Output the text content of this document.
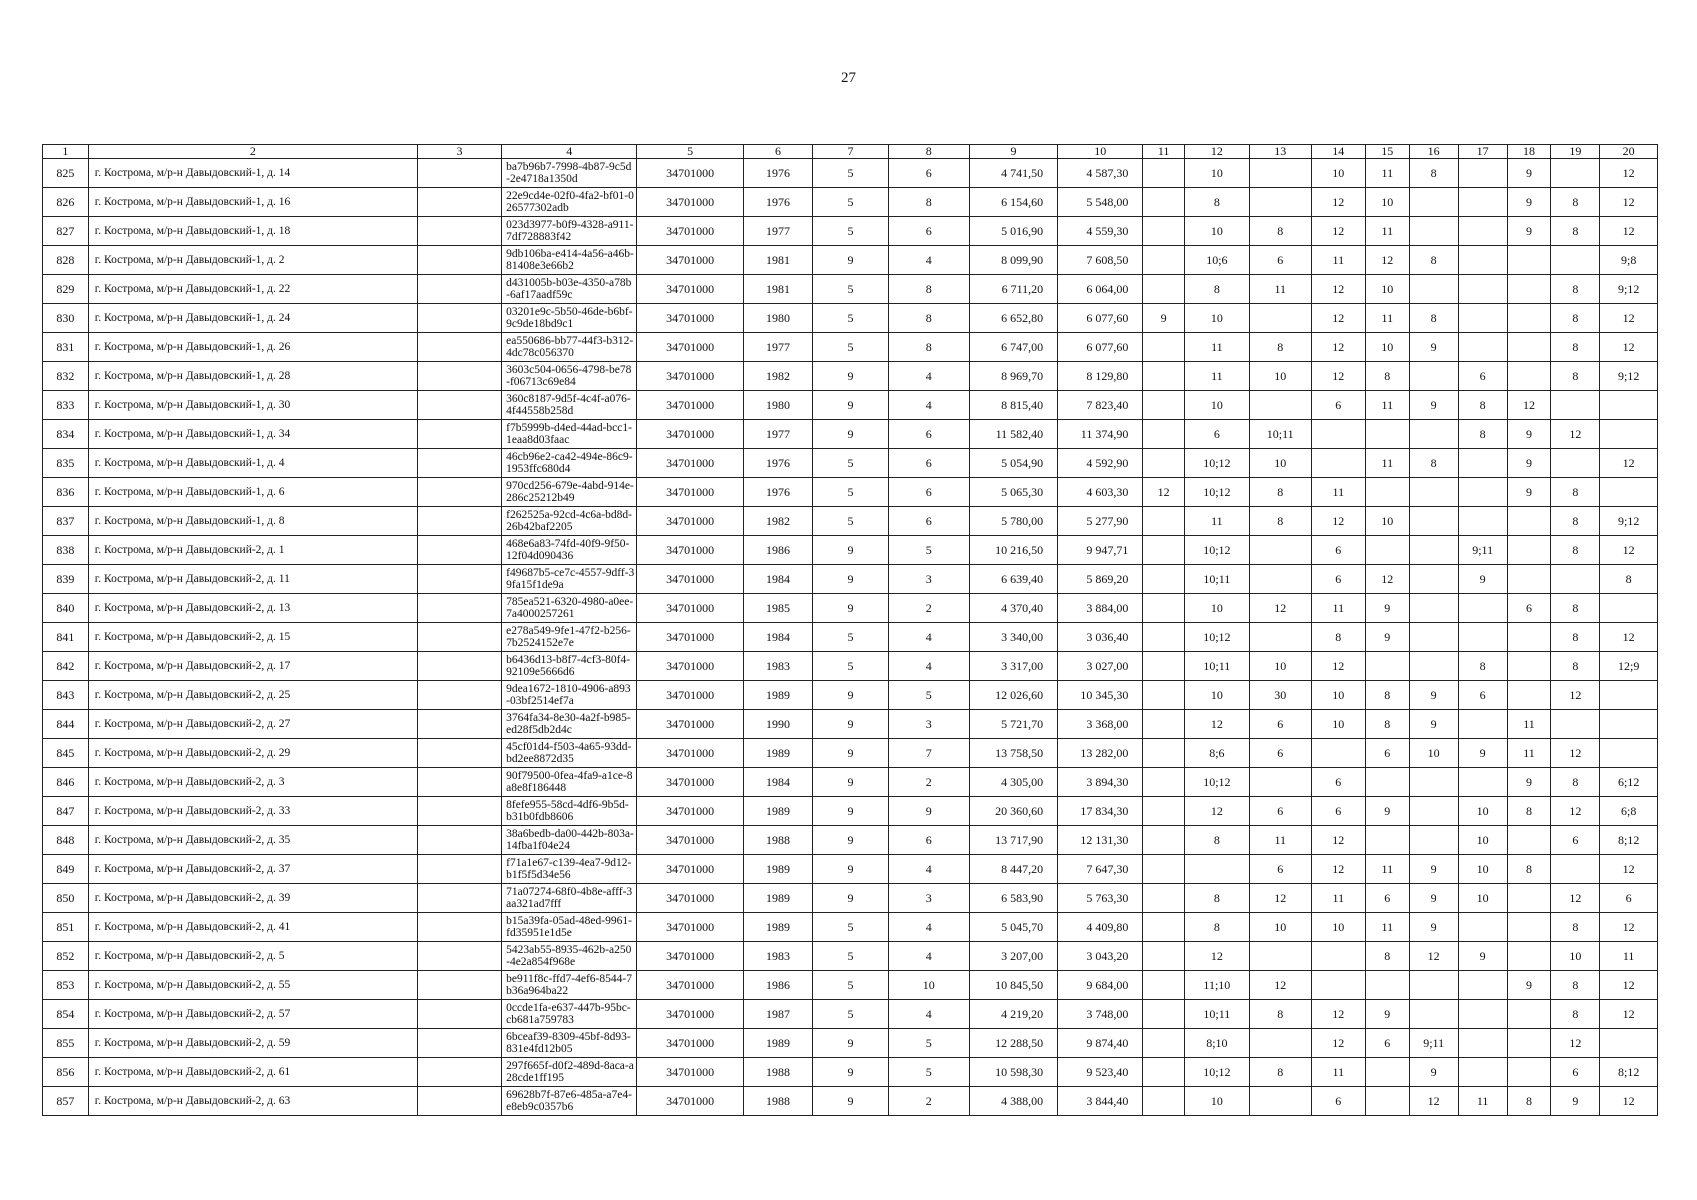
27
1	2	3	4	5	6	7	8	9	10	11	12	13	14	15	16	17	18	19	20
825	г. Кострома, м/р-н Давыдовский-1, д. 14		ba7b96b7-7998-4b87-9c5d-2e4718a1350d	34701000	1976	5	6	4 741,50	4 587,30		10		10	11	8		9		12
826	г. Кострома, м/р-н Давыдовский-1, д. 16		22e9cd4e-02f0-4fa2-bf01-026577302adb	34701000	1976	5	8	6 154,60	5 548,00		8		12	10			9	8	12
827	г. Кострома, м/р-н Давыдовский-1, д. 18		023d3977-b0f9-4328-a911-7df728883f42	34701000	1977	5	6	5 016,90	4 559,30		10	8	12	11			9	8	12
828	г. Кострома, м/р-н Давыдовский-1, д. 2		9db106ba-e414-4a56-a46b-81408e3e66b2	34701000	1981	9	4	8 099,90	7 608,50		10;6	6	11	12	8				9;8
829	г. Кострома, м/р-н Давыдовский-1, д. 22		d431005b-b03e-4350-a78b-6af17aadf59c	34701000	1981	5	8	6 711,20	6 064,00		8	11	12	10				8	9;12
830	г. Кострома, м/р-н Давыдовский-1, д. 24		03201e9c-5b50-46de-b6bf-9c9de18bd9c1	34701000	1980	5	8	6 652,80	6 077,60	9	10		12	11	8			8	12
831	г. Кострома, м/р-н Давыдовский-1, д. 26		ea550686-bb77-44f3-b312-4dc78c056370	34701000	1977	5	8	6 747,00	6 077,60		11	8	12	10	9			8	12
832	г. Кострома, м/р-н Давыдовский-1, д. 28		3603c504-0656-4798-be78-f06713c69e84	34701000	1982	9	4	8 969,70	8 129,80		11	10	12	8		6		8	9;12
833	г. Кострома, м/р-н Давыдовский-1, д. 30		360c8187-9d5f-4c4f-a076-4f44558b258d	34701000	1980	9	4	8 815,40	7 823,40		10		6	11	9	8	12		
834	г. Кострома, м/р-н Давыдовский-1, д. 34		f7b5999b-d4ed-44ad-bcc1-1eaa8d03faac	34701000	1977	9	6	11 582,40	11 374,90		6	10;11				8	9	12	
835	г. Кострома, м/р-н Давыдовский-1, д. 4		46cb96e2-ca42-494e-86c9-1953ffc680d4	34701000	1976	5	6	5 054,90	4 592,90		10;12	10		11	8		9		12
836	г. Кострома, м/р-н Давыдовский-1, д. 6		970cd256-679e-4abd-914e-286c25212b49	34701000	1976	5	6	5 065,30	4 603,30	12	10;12	8	11				9	8	
837	г. Кострома, м/р-н Давыдовский-1, д. 8		f262525a-92cd-4c6a-bd8d-26b42baf2205	34701000	1982	5	6	5 780,00	5 277,90		11	8	12	10				8	9;12
838	г. Кострома, м/р-н Давыдовский-2, д. 1		468e6a83-74fd-40f9-9f50-12f04d090436	34701000	1986	9	5	10 216,50	9 947,71		10;12		6			9;11		8	12
839	г. Кострома, м/р-н Давыдовский-2, д. 11		f49687b5-ce7c-4557-9dff-39fa15f1de9a	34701000	1984	9	3	6 639,40	5 869,20		10;11		6	12		9			8
840	г. Кострома, м/р-н Давыдовский-2, д. 13		785ea521-6320-4980-a0ee-7a4000257261	34701000	1985	9	2	4 370,40	3 884,00		10	12	11	9			6	8	
841	г. Кострома, м/р-н Давыдовский-2, д. 15		e278a549-9fe1-47f2-b256-7b2524152e7e	34701000	1984	5	4	3 340,00	3 036,40		10;12		8	9				8	12
842	г. Кострома, м/р-н Давыдовский-2, д. 17		b6436d13-b8f7-4cf3-80f4-92109e5666d6	34701000	1983	5	4	3 317,00	3 027,00		10;11	10	12			8		8	12;9
843	г. Кострома, м/р-н Давыдовский-2, д. 25		9dea1672-1810-4906-a893-03bf2514ef7a	34701000	1989	9	5	12 026,60	10 345,30		10	30	10	8	9	6		12	
844	г. Кострома, м/р-н Давыдовский-2, д. 27		3764fa34-8e30-4a2f-b985-ed28f5db2d4c	34701000	1990	9	3	5 721,70	3 368,00		12	6	10	8	9		11		
845	г. Кострома, м/р-н Давыдовский-2, д. 29		45cf01d4-f503-4a65-93dd-bd2ee8872d35	34701000	1989	9	7	13 758,50	13 282,00		8;6	6		6	10	9	11	12	
846	г. Кострома, м/р-н Давыдовский-2, д. 3		90f79500-0fea-4fa9-a1ce-8a8e8f186448	34701000	1984	9	2	4 305,00	3 894,30		10;12		6				9	8	6;12
847	г. Кострома, м/р-н Давыдовский-2, д. 33		8fefe955-58cd-4df6-9b5d-b31b0fdb8606	34701000	1989	9	9	20 360,60	17 834,30		12	6	6	9		10	8	12	6;8
848	г. Кострома, м/р-н Давыдовский-2, д. 35		38a6bedb-da00-442b-803a-14fba1f04e24	34701000	1988	9	6	13 717,90	12 131,30		8	11	12			10		6	8;12
849	г. Кострома, м/р-н Давыдовский-2, д. 37		f71a1e67-c139-4ea7-9d12-b1f5f5d34e56	34701000	1989	9	4	8 447,20	7 647,30			6	12	11	9	10	8		12
850	г. Кострома, м/р-н Давыдовский-2, д. 39		71a07274-68f0-4b8e-afff-3aa321ad7fff	34701000	1989	9	3	6 583,90	5 763,30		8	12	11	6	9	10		12	6
851	г. Кострома, м/р-н Давыдовский-2, д. 41		b15a39fa-05ad-48ed-9961-fd35951e1d5e	34701000	1989	5	4	5 045,70	4 409,80		8	10	10	11	9			8	12
852	г. Кострома, м/р-н Давыдовский-2, д. 5		5423ab55-8935-462b-a250-4e2a854f968e	34701000	1983	5	4	3 207,00	3 043,20		12			8	12	9		10	11
853	г. Кострома, м/р-н Давыдовский-2, д. 55		be911f8c-ffd7-4ef6-8544-7b36a964ba22	34701000	1986	5	10	10 845,50	9 684,00		11;10	12					9	8	12
854	г. Кострома, м/р-н Давыдовский-2, д. 57		0ccde1fa-e637-447b-95bc-cb681a759783	34701000	1987	5	4	4 219,20	3 748,00		10;11	8	12	9				8	12
855	г. Кострома, м/р-н Давыдовский-2, д. 59		6bceaf39-8309-45bf-8d93-831e4fd12b05	34701000	1989	9	5	12 288,50	9 874,40		8;10		12	6	9;11			12	
856	г. Кострома, м/р-н Давыдовский-2, д. 61		297f665f-d0f2-489d-8aca-a28cde1ff195	34701000	1988	9	5	10 598,30	9 523,40		10;12	8	11		9			6	8;12
857	г. Кострома, м/р-н Давыдовский-2, д. 63		69628b7f-87e6-485a-a7e4-e8eb9c0357b6	34701000	1988	9	2	4 388,00	3 844,40		10		6		12	11	8	9	12
